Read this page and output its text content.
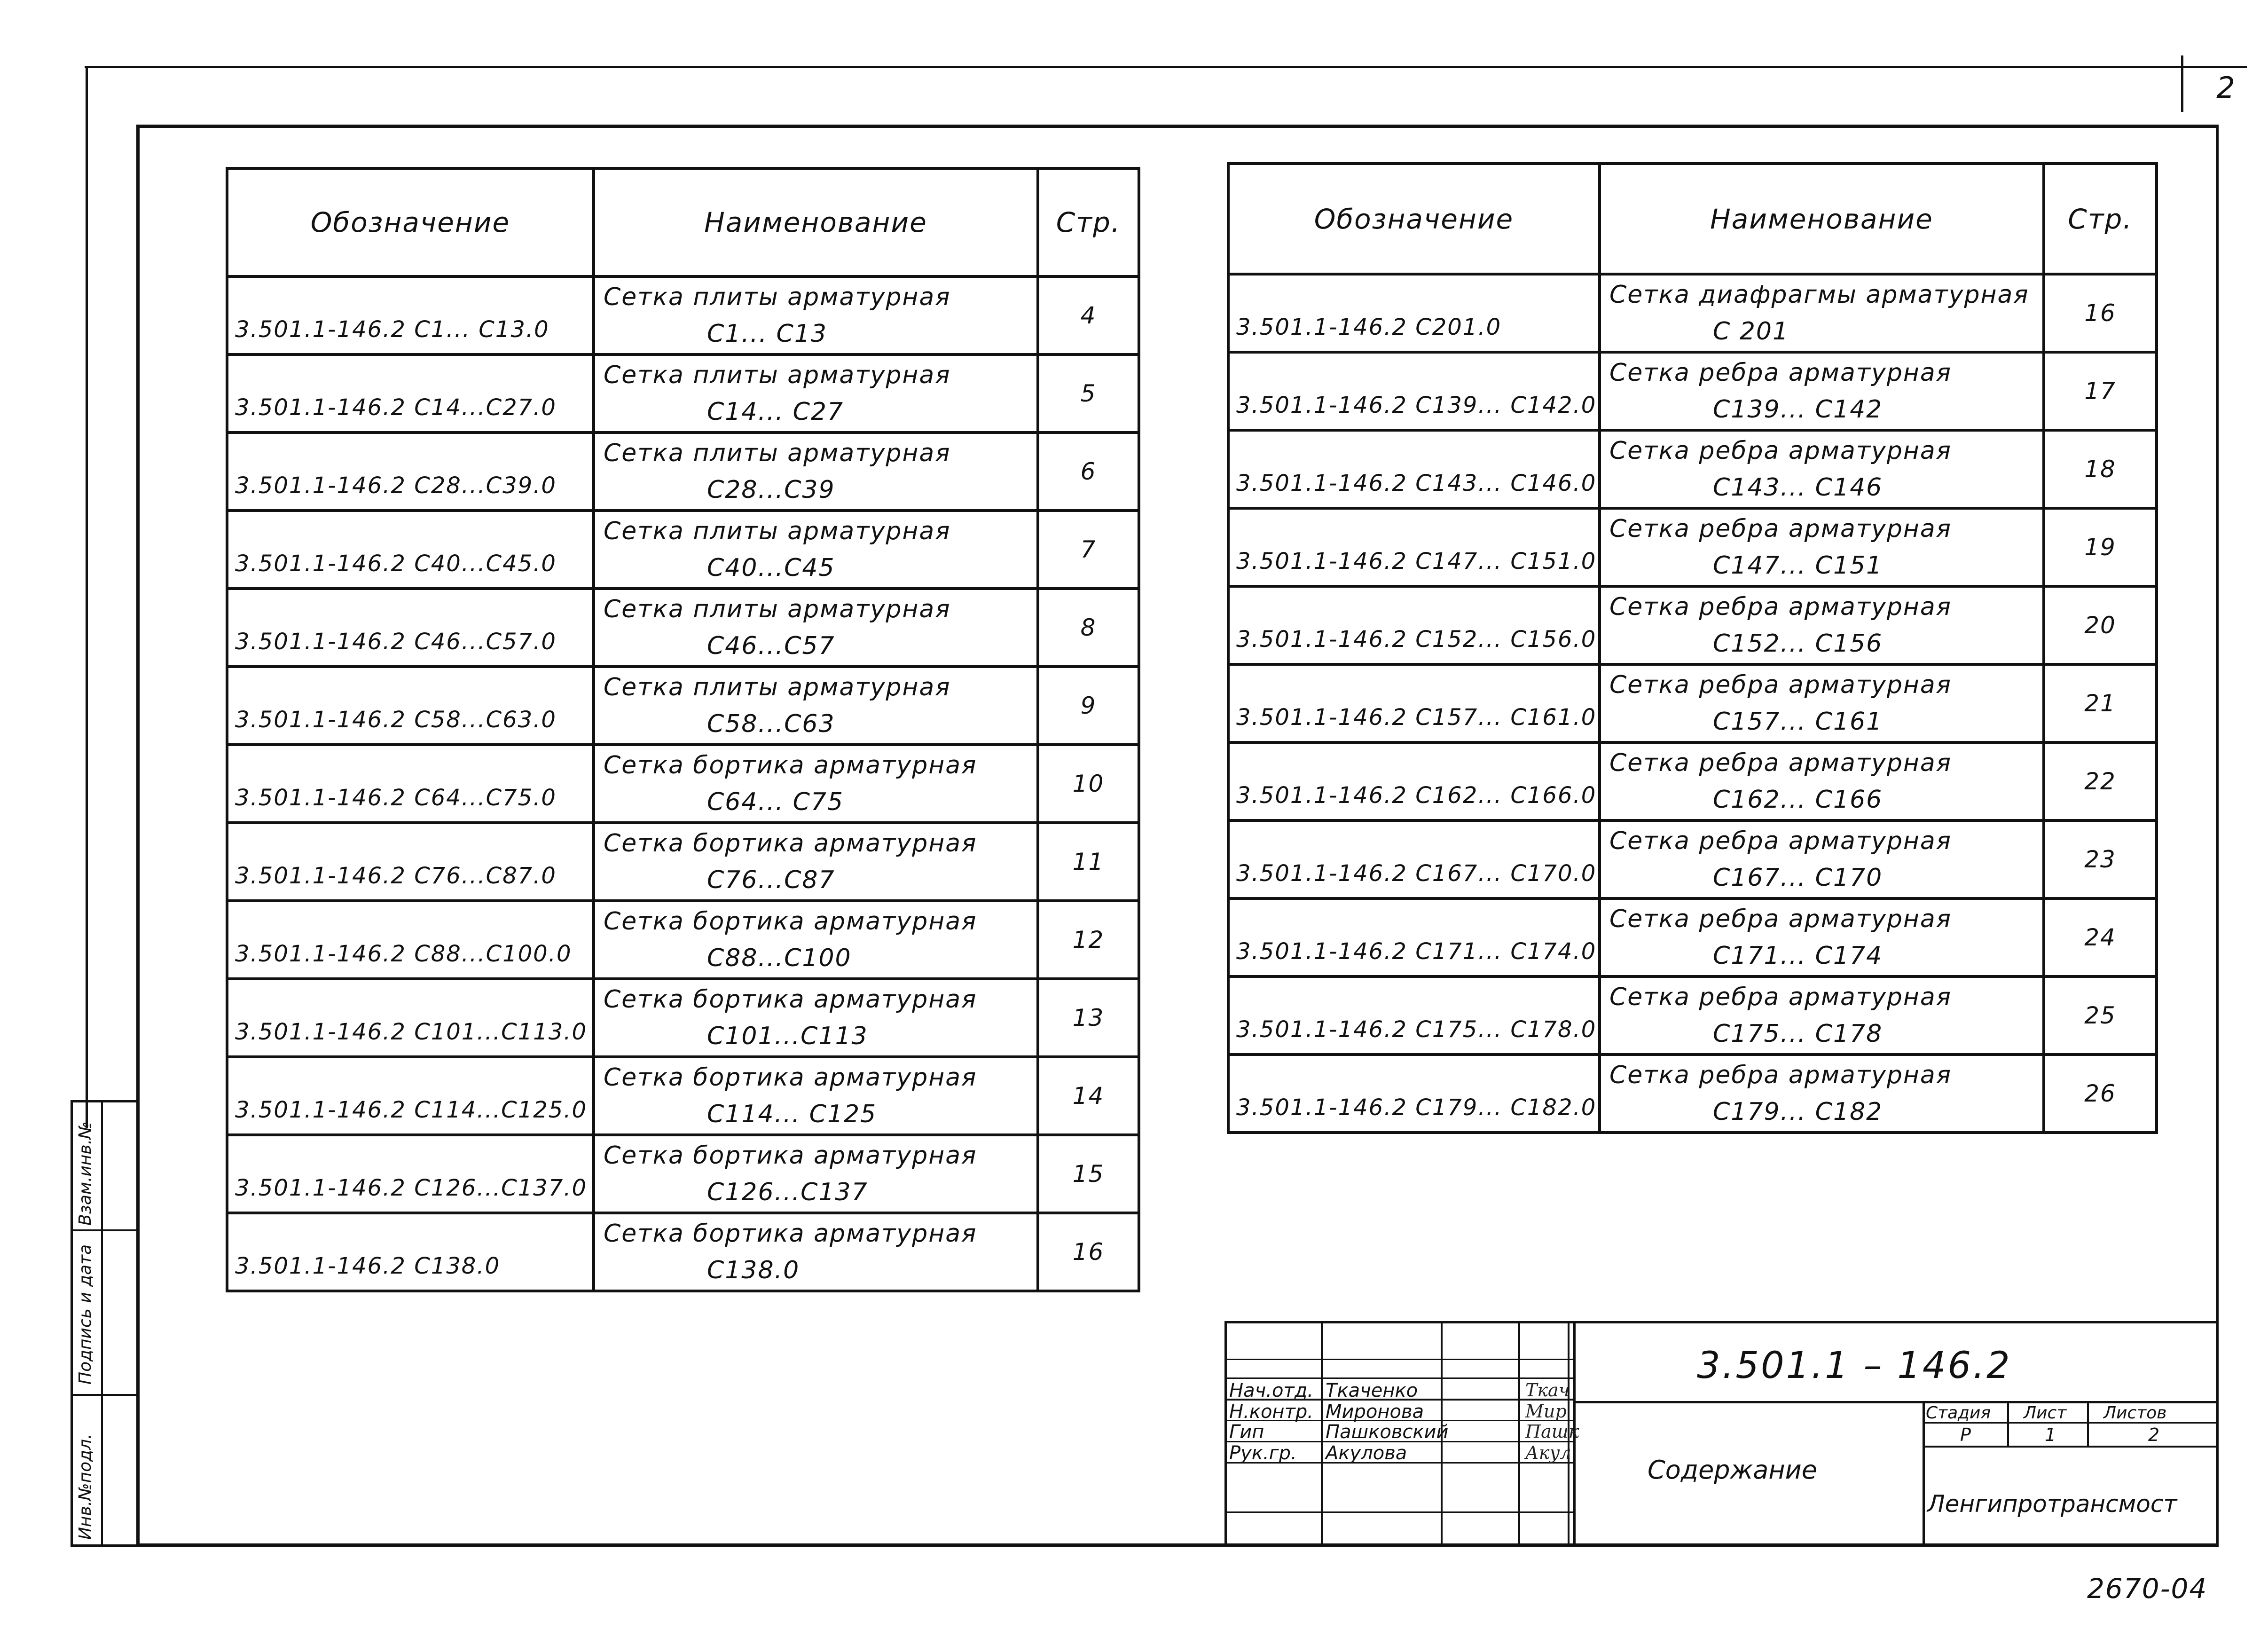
2
Инв.№подл.
Подпись и дата
Взам.инв.№
Обозначение	Наименование	Стр.
3.501.1-146.2 С1... С13.0	Сетка плиты арматурная
С1... С13	4
3.501.1-146.2 С14...С27.0	Сетка плиты арматурная
С14... С27	5
3.501.1-146.2 С28...С39.0	Сетка плиты арматурная
С28...С39	6
3.501.1-146.2 С40...С45.0	Сетка плиты арматурная
С40...С45	7
3.501.1-146.2 С46...С57.0	Сетка плиты арматурная
С46...С57	8
3.501.1-146.2 С58...С63.0	Сетка плиты арматурная
С58...С63	9
3.501.1-146.2 С64...С75.0	Сетка бортика арматурная
С64... С75	10
3.501.1-146.2 С76...С87.0	Сетка бортика арматурная
С76...С87	11
3.501.1-146.2 С88...С100.0	Сетка бортика арматурная
С88...С100	12
3.501.1-146.2 С101...С113.0	Сетка бортика арматурная
С101...С113	13
3.501.1-146.2 С114...С125.0	Сетка бортика арматурная
С114... С125	14
3.501.1-146.2 С126...С137.0	Сетка бортика арматурная
С126...С137	15
3.501.1-146.2 С138.0	Сетка бортика арматурная
С138.0	16
Обозначение	Наименование	Стр.
3.501.1-146.2 С201.0	Сетка диафрагмы арматурная
С 201	16
3.501.1-146.2 С139... С142.0	Сетка ребра арматурная
С139... С142	17
3.501.1-146.2 С143... С146.0	Сетка ребра арматурная
С143... С146	18
3.501.1-146.2 С147... С151.0	Сетка ребра арматурная
С147... С151	19
3.501.1-146.2 С152... С156.0	Сетка ребра арматурная
С152... С156	20
3.501.1-146.2 С157... С161.0	Сетка ребра арматурная
С157... С161	21
3.501.1-146.2 С162... С166.0	Сетка ребра арматурная
С162... С166	22
3.501.1-146.2 С167... С170.0	Сетка ребра арматурная
С167... С170	23
3.501.1-146.2 С171... С174.0	Сетка ребра арматурная
С171... С174	24
3.501.1-146.2 С175... С178.0	Сетка ребра арматурная
С175... С178	25
3.501.1-146.2 С179... С182.0	Сетка ребра арматурная
С179... С182	26
3.501.1 – 146.2
Содержание
Стадия Лист Листов
Р	1	2
Ленгипротрансмост
Нач.отд. Ткаченко	Ткач
Н.контр. Миронова	Мир
Гип	Пашковский	Пашк
Рук.гр. Акулова	Акул
2670-04
